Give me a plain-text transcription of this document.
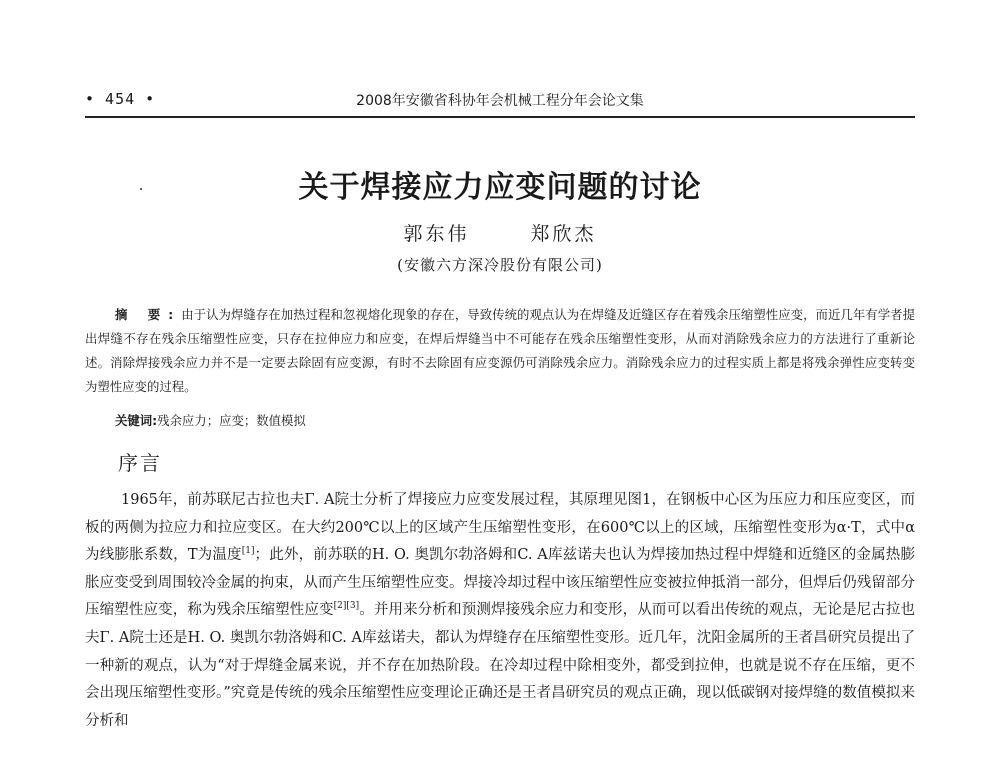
• 454 •	2008年安徽省科协年会机械工程分年会论文集
关于焊接应力应变问题的讨论
郭东伟	郑欣杰
(安徽六方深冷股份有限公司)

摘 要:由于认为焊缝存在加热过程和忽视熔化现象的存在，导致传统的观点认为在焊缝及近缝区存在着残余压缩塑性应变，而近几年有学者提出焊缝不存在残余压缩塑性应变，只存在拉伸应力和应变，在焊后焊缝当中不可能存在残余压缩塑性变形，从而对消除残余应力的方法进行了重新论述。消除焊接残余应力并不是一定要去除固有应变源，有时不去除固有应变源仍可消除残余应力。消除残余应力的过程实质上都是将残余弹性应变转变为塑性应变的过程。

关键词:残余应力；应变；数值模拟
序言

1965年，前苏联尼古拉也夫Γ. A院士分析了焊接应力应变发展过程，其原理见图1，在钢板中心区为压应力和压应变区，而板的两侧为拉应力和拉应变区。在大约200℃以上的区域产生压缩塑性变形，在600℃以上的区域，压缩塑性变形为α·T，式中α为线膨胀系数，T为温度[1]；此外，前苏联的H. O. 奥凯尔勃洛姆和C. A库兹诺夫也认为焊接加热过程中焊缝和近缝区的金属热膨胀应变受到周围较冷金属的拘束，从而产生压缩塑性应变。焊接冷却过程中该压缩塑性应变被拉伸抵消一部分，但焊后仍残留部分压缩塑性应变，称为残余压缩塑性应变[2][3]。并用来分析和预测焊接残余应力和变形，从而可以看出传统的观点，无论是尼古拉也夫Γ. A院士还是H. O. 奥凯尔勃洛姆和C. A库兹诺夫，都认为焊缝存在压缩塑性变形。近几年，沈阳金属所的王者昌研究员提出了一种新的观点，认为“对于焊缝金属来说，并不存在加热阶段。在冷却过程中除相变外，都受到拉伸，也就是说不存在压缩，更不会出现压缩塑性变形。”究竟是传统的残余压缩塑性应变理论正确还是王者昌研究员的观点正确，现以低碳钢对接焊缝的数值模拟来分析和
